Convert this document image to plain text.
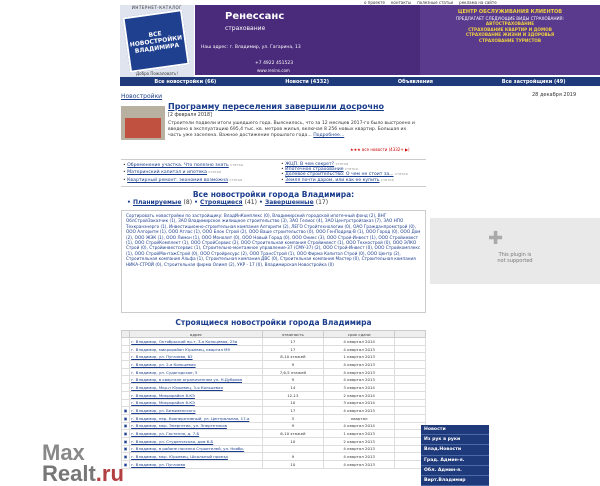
о проекте контакты полезные статьи реклама на сайте
ИНТЕРНЕТ-КАТАЛОГ
ВСЕ НОВОСТРОЙКИ ВЛАДИМИРА
Добро Пожаловать!
Ренессанс
страхование
Наш адрес: г. Владимир, ул. Гагарина, 13
+7 4922 451523
www.renins.com
ЦЕНТР ОБСЛУЖИВАНИЯ КЛИЕНТОВ
ПРЕДЛАГАЕТ СЛЕДУЮЩИЕ ВИДЫ СТРАХОВАНИЯ:
АВТОСТРАХОВАНИЕ
СТРАХОВАНИЕ КВАРТИР И ДОМОВ
СТРАХОВАНИЕ ЖИЗНИ И ЗДОРОВЬЯ
СТРАХОВАНИЕ ТУРИСТОВ
Все новостройки (66)	Новости (4332)	Объявления	Все застройщики (49)
Новостройки	28 декабря 2019
Программу переселения завершили досрочно
[2 февраля 2018]
Строители подвели итоги ушедшего года. Выяснилось, что за 12 месяцев 2017-го было выстроено и введено в эксплуатацию 695,4 тыс. кв. метров жилья, включая 8 256 новых квартир. Большая их часть уже заселена. Важное достижение прошлого года... Подробнее...
★★★ все новости (4332+ ▶)
• Обременение участка. Что полезно знать статья
• Материнский капитал и ипотека статья
• Квартирный ремонт: экономия возможна статья
• ЖЦП. В чем секрет? статья
• Ипотечное страхование статья
• Долевое строительство: О чем не стоит за... статья
• Земля почти даром, или как ее купить статья
Все новостройки города Владимира:
• Планируемые (8) • Строящиеся (41) • Завершенные (17)
Сортировать новостройки по застройщику: ВладИнКомплекс (0), Владимирский городской ипотечный фонд (2), ВНГ ОблСтройЗаказчик (1), ЗАО Владимирское жилищное строительство (3), ЗАО Гелиос (4), ЗАО Центрстройзаказ (7), ЗАО НПО Техкранэнерго (1), Инвестиционно-строительная компания Алгоритм (2), ЛЕГО Стройтехнологии (0), ОАО Гражданпромстрой (0), ООО Алгоритм (1), ООО Атлас (1), ООО Блок Строй (2), ООО Ваше строительство (0), ООО ГенПодряд-В (1), ООО Город (0), ООО Дом (2), ООО ЖЭК (1), ООО Лимон (1), ООО Монолит (0), ООО Новый Город (0), ООО Оникс (3), ООО Строй-Инвест (1), ООО Стройинвест (1), ООО СтройКомплект (1), ООО СтройСервис (2), ООО Строительная компания Стройинвест (1), ООО Технострой (0), ООО ЭЛКО Строй (0), Стройинвестсервис (1), Строительно-монтажное управление-37 (СМУ-37) (2), ООО Строй-Инвест (0), ООО Стройкомплекс (1), ООО СтройМонтажСтрой (0), ООО Стройресурс (2), ООО ТрансСтрой (1), ООО Фирма Капитал Строй (0), ООО Центр (2), Строительная компания Альфа (1), Строительная компания ДВС (0), Строительная компания Мастер (0), Строительная компания НИКА-СТРОЙ (0), Строительная фирма Олимп (2), УКР - 17 (0), Владимирская Новостройка (0)
✚
This plugin is
not supported
Строящиеся новостройки города Владимира
	адрес	этажность	срок сдачи	
	г. Владимир, Октябрьский пр-т, 3-я Кольцевая, 25а	17	4 квартал 2014	
	г. Владимир, микрорайон Юрьевец, квартал М9	17	4 квартал 2013	
	г. Владимир, ул. Пугачева, 62	8-10 этажей	1 квартал 2013	
	г. Владимир, ул. 2-я Кольцевая	9	4 квартал 2013	
	г. Владимир, ул. Судогодское, 5	7,6,5 этажей	4 квартал 2013	
	г. Владимир, в квартале ограниченном ул. Н.Дуброва	9	4 квартал 2013	
	г. Владимир, Мкр-н Юрьевец, 3-я Кольцевая	14	3 квартал 2014	
	г. Владимир, Микрорайон 8-КЭ	12-13	2 квартал 2014	
	г. Владимир, Микрорайон 8-КЭ	10	3 квартал 2014	
▣	г. Владимир, ул. Безыменского	17	4 квартал 2013	
▣	г. Владимир, пер. Кооперативный, ул. Центральная, 17-а	5	квартал	
▣	г. Владимир, мкр. Энергетик, ул. Энергетиков	9	4 квартал 2014	
▣	г. Владимир, ул. Гастелло, д. 7-Б	6-10 этажей	1 квартал 2013	
▣	г. Владимир, ул. Студенческая, дом 6-Б	10	2 квартал 2013	
▣	г. Владимир, в районе поселка Строителей, ул. Ноябр.		4 квартал 2013	
▣	г. Владимир, мкр. Юрьевец, Школьный проезд	9	4 квартал 2013	
▣	г. Владимир, ул. Пугачева	10	4 квартал 2013	
Новости
Из рук в руки
Влад.Новости
Град. Админ-я.
Обл. Админ-я.
Вирт.Владимир
Max
Realt.ru
